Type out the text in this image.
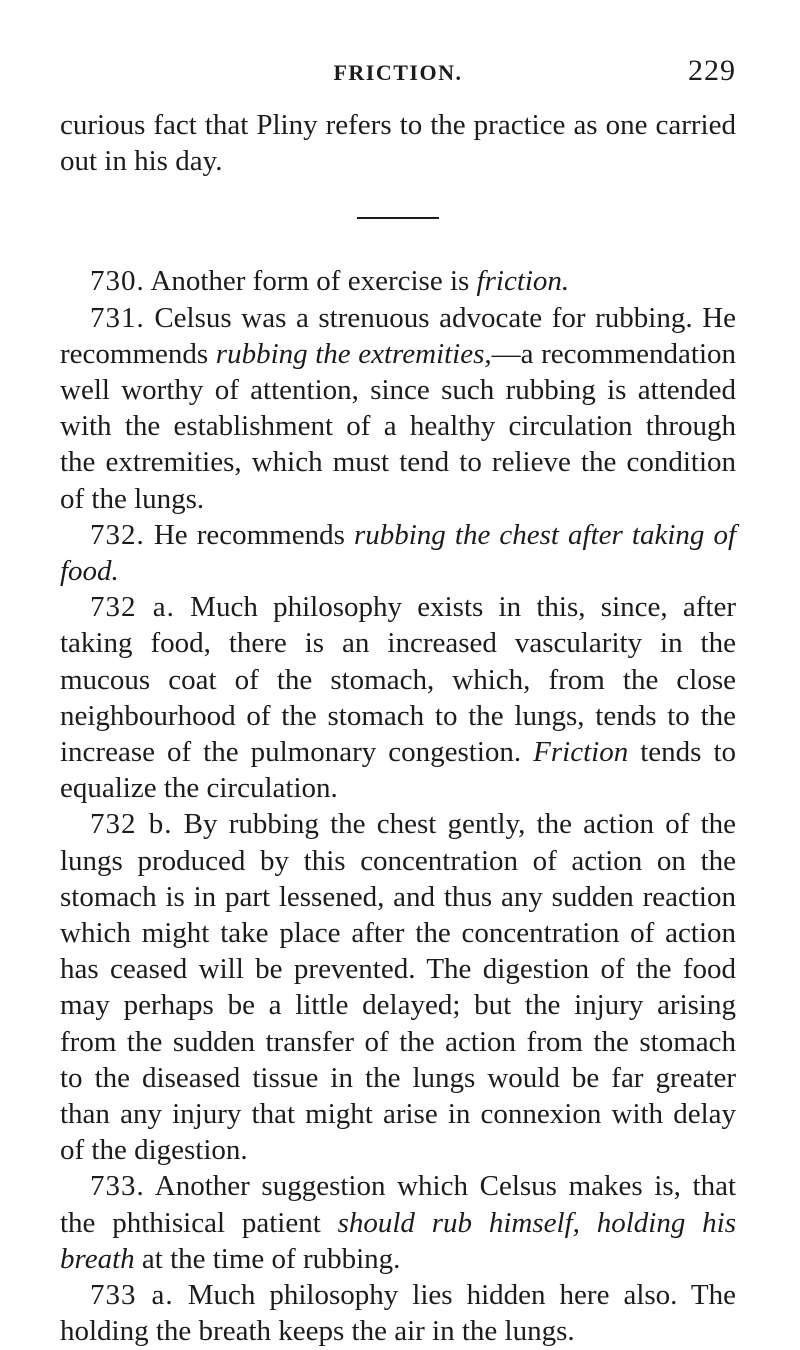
FRICTION.	229

curious fact that Pliny refers to the practice as one carried out in his day.

730. Another form of exercise is friction.

731. Celsus was a strenuous advocate for rubbing. He recommends rubbing the extremities,—a recommendation well worthy of attention, since such rubbing is attended with the establishment of a healthy circulation through the extremities, which must tend to relieve the condition of the lungs.

732. He recommends rubbing the chest after taking of food.

732 a. Much philosophy exists in this, since, after taking food, there is an increased vascularity in the mucous coat of the stomach, which, from the close neighbourhood of the stomach to the lungs, tends to the increase of the pulmonary congestion. Friction tends to equalize the circulation.

732 b. By rubbing the chest gently, the action of the lungs produced by this concentration of action on the stomach is in part lessened, and thus any sudden reaction which might take place after the concentration of action has ceased will be prevented. The digestion of the food may perhaps be a little delayed; but the injury arising from the sudden transfer of the action from the stomach to the diseased tissue in the lungs would be far greater than any injury that might arise in connexion with delay of the digestion.

733. Another suggestion which Celsus makes is, that the phthisical patient should rub himself, holding his breath at the time of rubbing.

733 a. Much philosophy lies hidden here also. The holding the breath keeps the air in the lungs.
